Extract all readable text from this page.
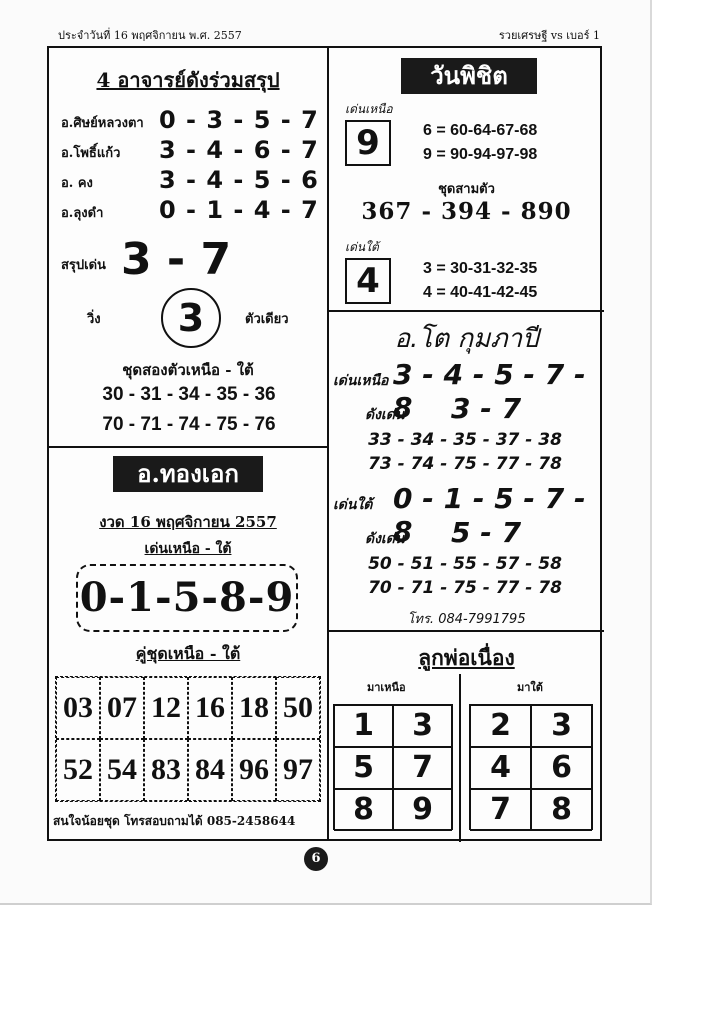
ประจำวันที่ 16 พฤศจิกายน พ.ศ. 2557	รวยเศรษฐี vs เบอร์ 1
4 อาจารย์ดังร่วมสรุป
อ.ศิษย์หลวงตา 0 - 3 - 5 - 7
อ.โพธิ์แก้ว 3 - 4 - 6 - 7
อ. คง	3 - 4 - 5 - 6
อ.ลุงดำ 0 - 1 - 4 - 7
สรุปเด่น 3 - 7
วิ่ง	3	ตัวเดียว
ชุดสองตัวเหนือ - ใต้
30 - 31 - 34 - 35 - 36
70 - 71 - 74 - 75 - 76
อ.ทองเอก
งวด 16 พฤศจิกายน 2557
เด่นเหนือ - ใต้
0-1-5-8-9
คู่ชุดเหนือ - ใต้
03 07 12 16 18 50
52 54 83 84 96 97
สนใจน้อยชุด โทรสอบถามได้ 085-2458644
วันพิชิต
เด่นเหนือ
9	6 = 60-64-67-68
9 = 90-94-97-98
ชุดสามตัว
367 - 394 - 890
เด่นใต้
4	3 = 30-31-32-35
4 = 40-41-42-45
อ.โต กุมภาปี
เด่นเหนือ 3 - 4 - 5 - 7 - 8
ดังเด่น 3 - 7
33 - 34 - 35 - 37 - 38
73 - 74 - 75 - 77 - 78
เด่นใต้ 0 - 1 - 5 - 7 - 8
ดังเด่น 5 - 7
50 - 51 - 55 - 57 - 58
70 - 71 - 75 - 77 - 78
โทร. 084-7991795
ลูกพ่อเนื่อง
มาเหนือ	มาใต้
1	3
5	7
8	9
2	3
4	6
7	8
6
